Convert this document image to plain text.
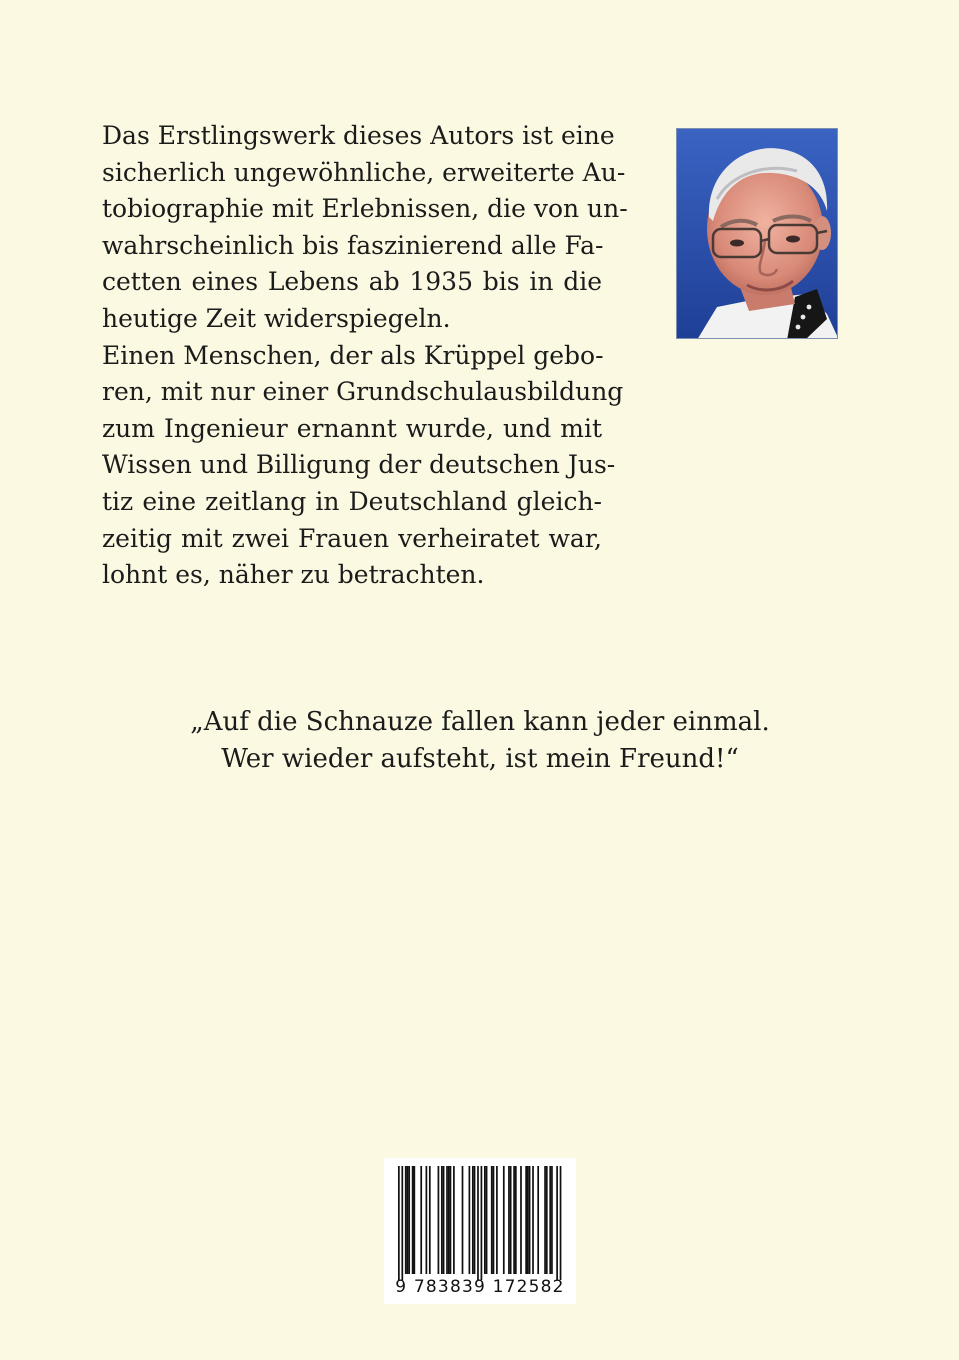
Das Erstlingswerk dieses Autors ist eine
sicherlich ungewöhnliche, erweiterte Au-
tobiographie mit Erlebnissen, die von un-
wahrscheinlich bis faszinierend alle Fa-
cetten eines Lebens ab 1935 bis in die
heutige Zeit widerspiegeln.
Einen Menschen, der als Krüppel gebo-
ren, mit nur einer Grundschulausbildung
zum Ingenieur ernannt wurde, und mit
Wissen und Billigung der deutschen Jus-
tiz eine zeitlang in Deutschland gleich-
zeitig mit zwei Frauen verheiratet war,
lohnt es, näher zu betrachten.
„Auf die Schnauze fallen kann jeder einmal.
Wer wieder aufsteht, ist mein Freund!“
9 783839 172582
